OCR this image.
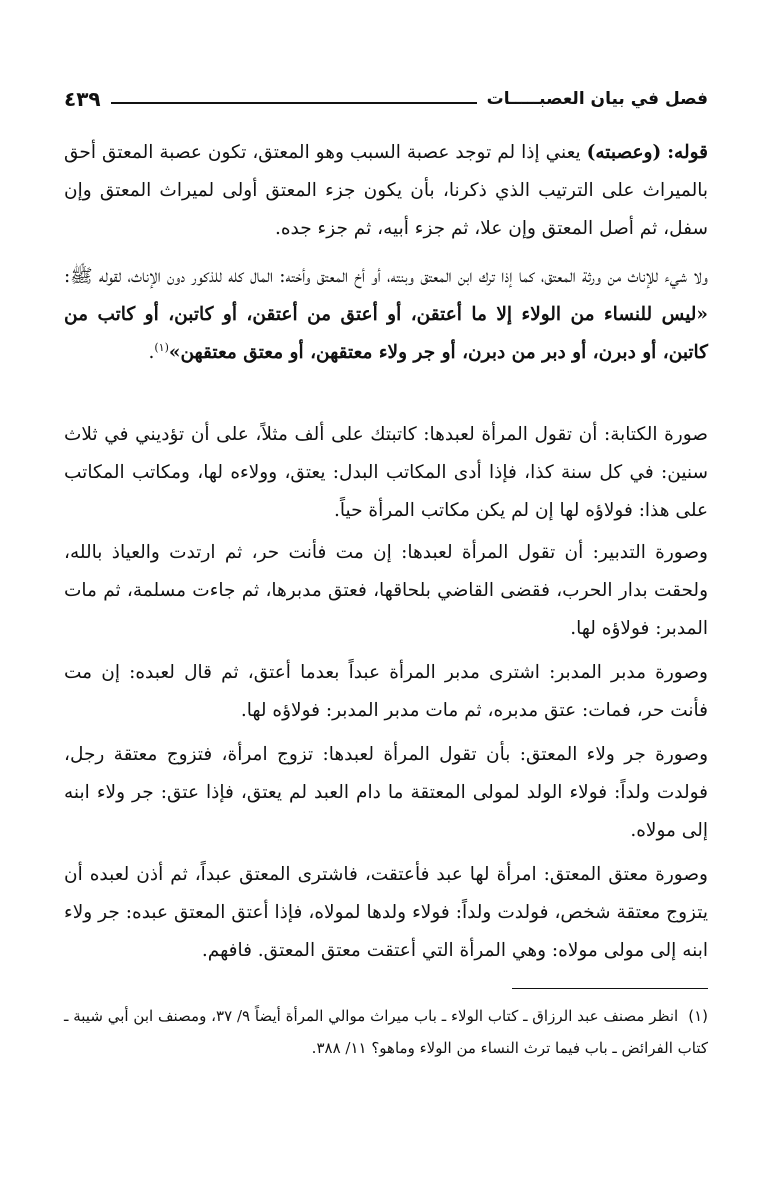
فصل في بيان العصبـــــات
٤٣٩
قوله: (وعصبته) يعني إذا لم توجد عصبة السبب وهو المعتق، تكون عصبة المعتق أحق بالميراث على الترتيب الذي ذكرنا، بأن يكون جزء المعتق أولى لميراث المعتق وإن سفل، ثم أصل المعتق وإن علا، ثم جزء أبيه، ثم جزء جده.
ولا شيء للإناث من ورثة المعتق، كما إذا ترك ابن المعتق وبنته، أو أخ المعتق وأخته: المال كله للذكور دون الإناث، لقوله ﷺ: «ليس للنساء من الولاء إلا ما أعتقن، أو أعتق من أعتقن، أو كاتبن، أو كاتب من كاتبن، أو دبرن، أو دبر من دبرن، أو جر ولاء معتقهن، أو معتق معتقهن»$^{(١)}$.
صورة الكتابة: أن تقول المرأة لعبدها: كاتبتك على ألف مثلاً، على أن تؤديني في ثلاث سنين: في كل سنة كذا، فإذا أدى المكاتب البدل: يعتق، وولاءه لها، ومكاتب المكاتب على هذا: فولاؤه لها إن لم يكن مكاتب المرأة حياً.
وصورة التدبير: أن تقول المرأة لعبدها: إن مت فأنت حر، ثم ارتدت والعياذ بالله، ولحقت بدار الحرب، فقضى القاضي بلحاقها، فعتق مدبرها، ثم جاءت مسلمة، ثم مات المدبر: فولاؤه لها.
وصورة مدبر المدبر: اشترى مدبر المرأة عبداً بعدما أعتق، ثم قال لعبده: إن مت فأنت حر، فمات: عتق مدبره، ثم مات مدبر المدبر: فولاؤه لها.
وصورة جر ولاء المعتق: بأن تقول المرأة لعبدها: تزوج امرأة، فتزوج معتقة رجل، فولدت ولداً: فولاء الولد لمولى المعتقة ما دام العبد لم يعتق، فإذا عتق: جر ولاء ابنه إلى مولاه.
وصورة معتق المعتق: امرأة لها عبد فأعتقت، فاشترى المعتق عبداً، ثم أذن لعبده أن يتزوج معتقة شخص، فولدت ولداً: فولاء ولدها لمولاه، فإذا أعتق المعتق عبده: جر ولاء ابنه إلى مولى مولاه: وهي المرأة التي أعتقت معتق المعتق. فافهم.
(١)انظر مصنف عبد الرزاق ـ كتاب الولاء ـ باب ميراث موالي المرأة أيضاً ٩/ ٣٧، ومصنف ابن أبي شيبة ـ كتاب الفرائض ـ باب فيما ترث النساء من الولاء وماهو؟ ١١/ ٣٨٨.
